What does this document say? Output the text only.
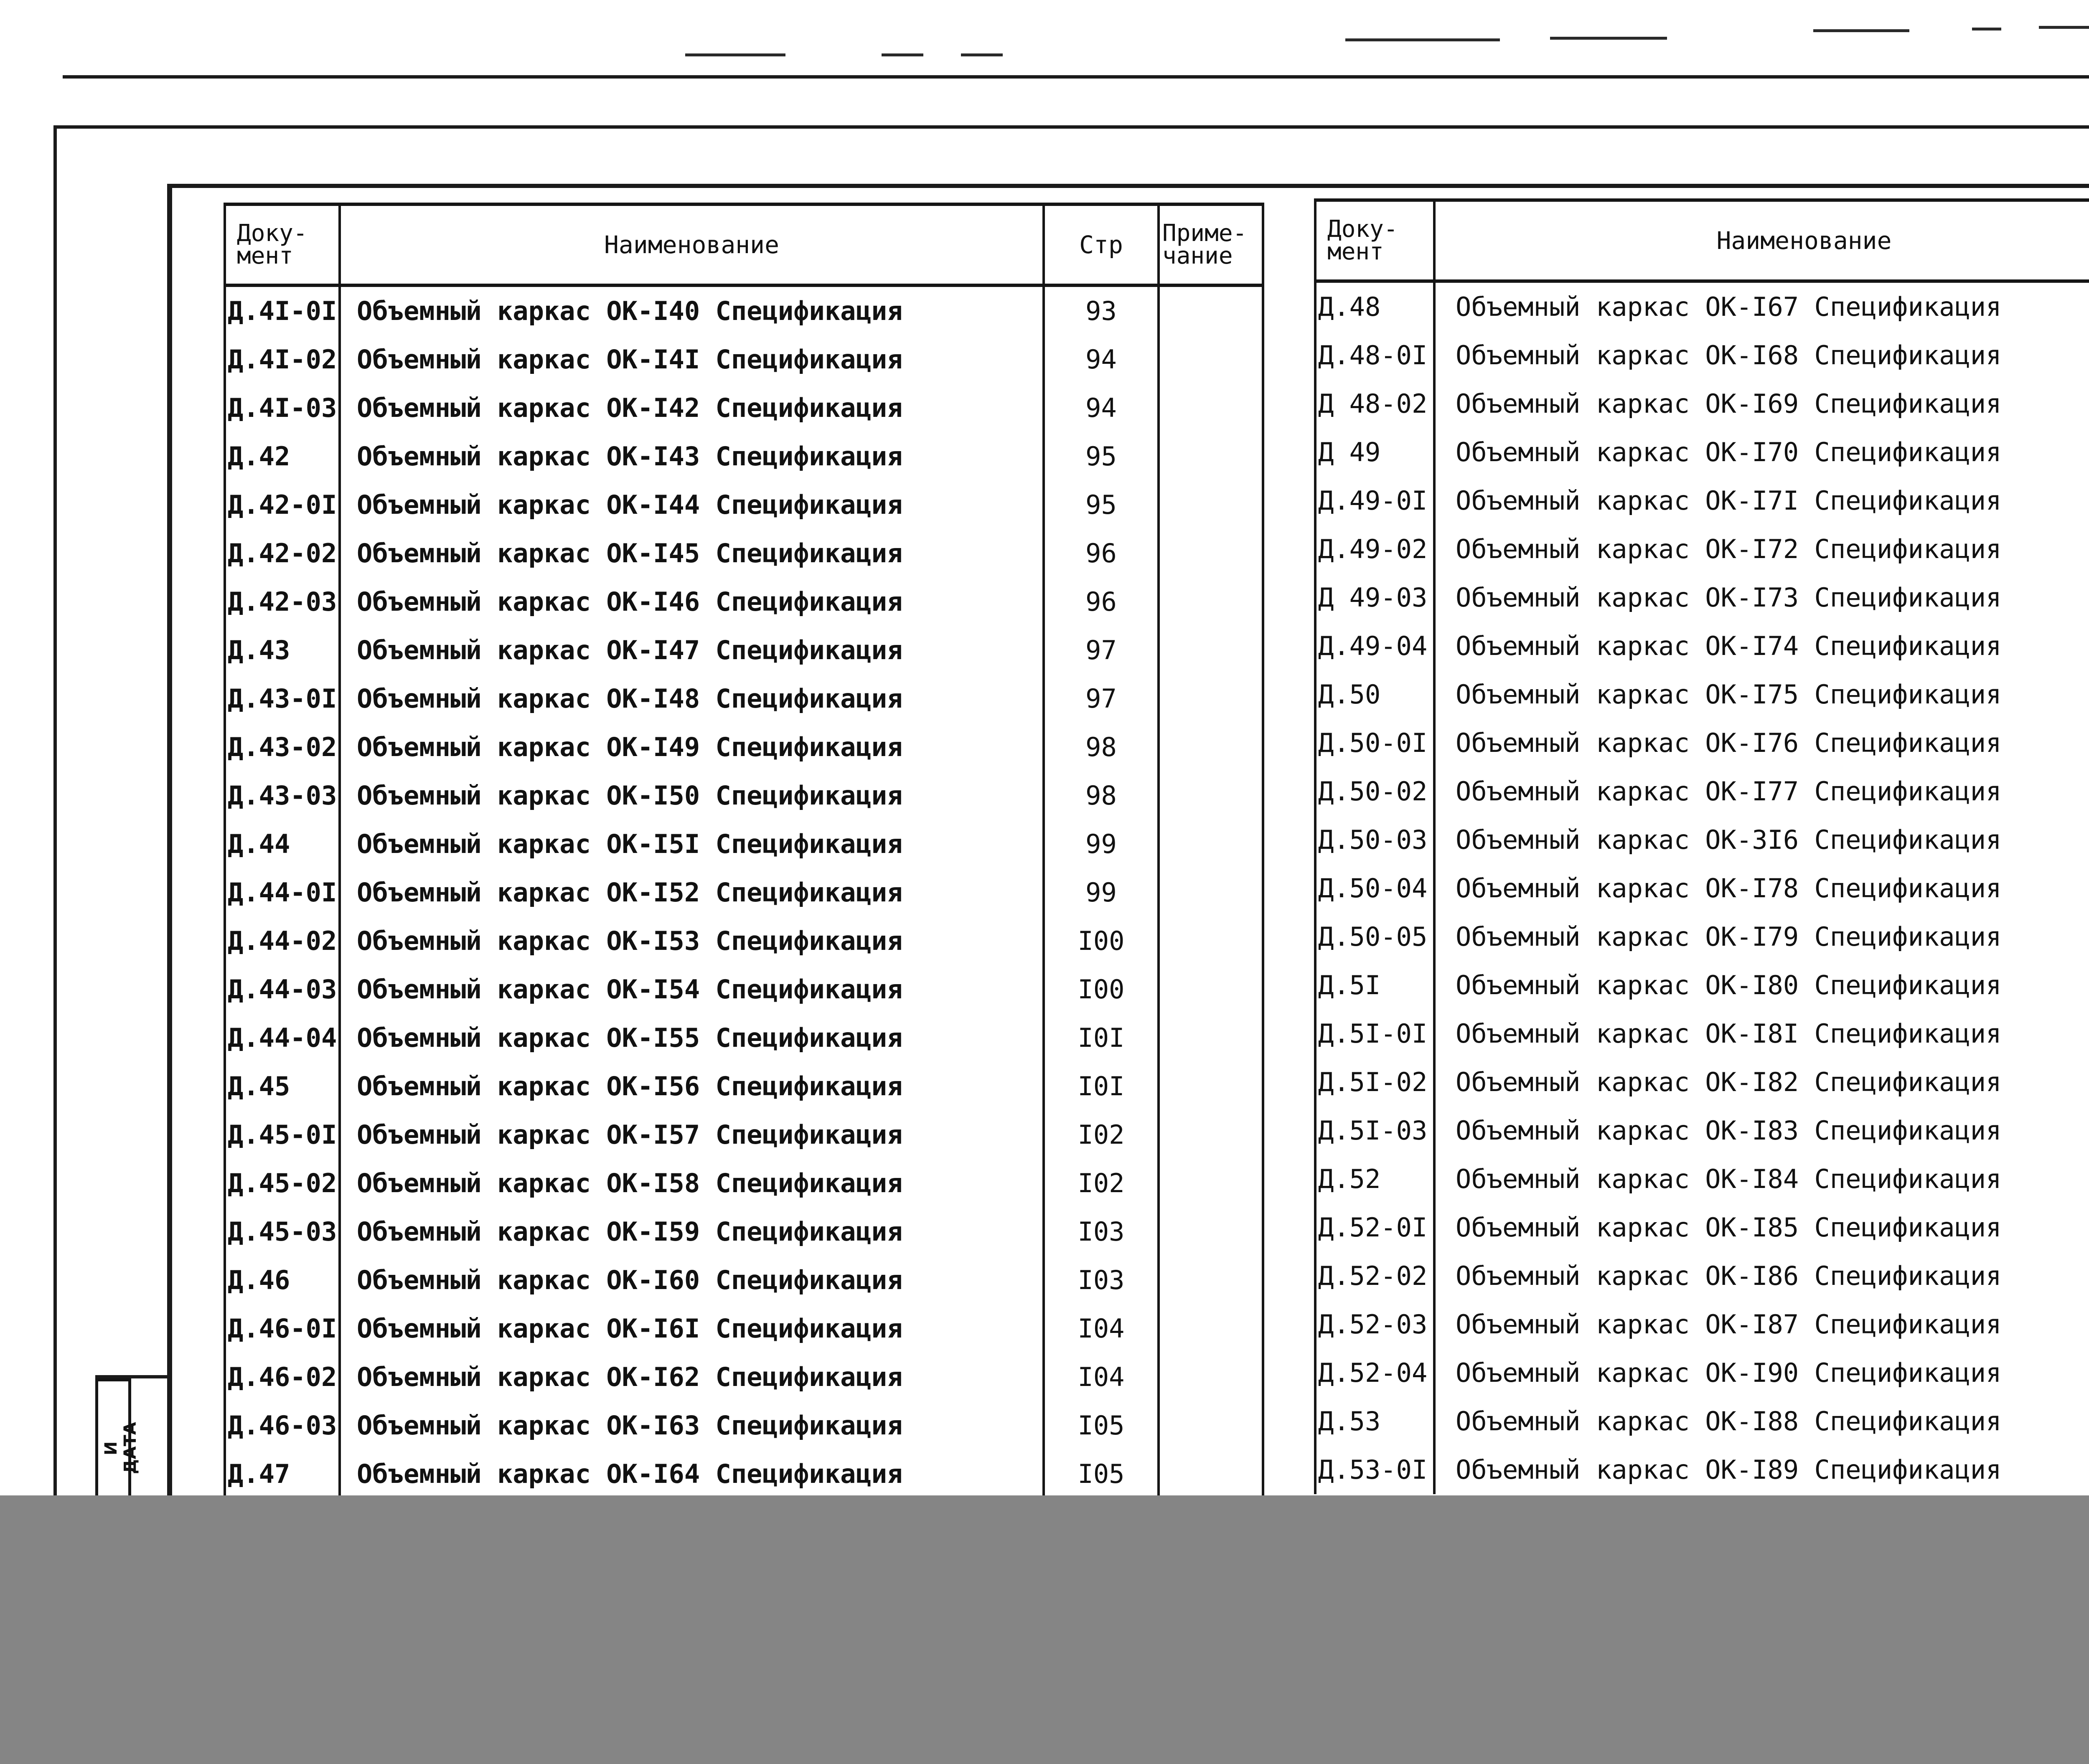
Доку-
мент	Наименование	Стр	Приме-
чание
Д.4I-0I	Объемный каркас ОК-I40 Спецификация	93	
Д.4I-02	Объемный каркас ОК-I4I Спецификация	94	
Д.4I-03	Объемный каркас ОК-I42 Спецификация	94	
Д.42	Объемный каркас ОК-I43 Спецификация	95	
Д.42-0I	Объемный каркас ОК-I44 Спецификация	95	
Д.42-02	Объемный каркас ОК-I45 Спецификация	96	
Д.42-03	Объемный каркас ОК-I46 Спецификация	96	
Д.43	Объемный каркас ОК-I47 Спецификация	97	
Д.43-0I	Объемный каркас ОК-I48 Спецификация	97	
Д.43-02	Объемный каркас ОК-I49 Спецификация	98	
Д.43-03	Объемный каркас ОК-I50 Спецификация	98	
Д.44	Объемный каркас ОК-I5I Спецификация	99	
Д.44-0I	Объемный каркас ОК-I52 Спецификация	99	
Д.44-02	Объемный каркас ОК-I53 Спецификация	I00	
Д.44-03	Объемный каркас ОК-I54 Спецификация	I00	
Д.44-04	Объемный каркас ОК-I55 Спецификация	I0I	
Д.45	Объемный каркас ОК-I56 Спецификация	I0I	
Д.45-0I	Объемный каркас ОК-I57 Спецификация	I02	
Д.45-02	Объемный каркас ОК-I58 Спецификация	I02	
Д.45-03	Объемный каркас ОК-I59 Спецификация	I03	
Д.46	Объемный каркас ОК-I60 Спецификация	I03	
Д.46-0I	Объемный каркас ОК-I6I Спецификация	I04	
Д.46-02	Объемный каркас ОК-I62 Спецификация	I04	
Д.46-03	Объемный каркас ОК-I63 Спецификация	I05	
Д.47	Объемный каркас ОК-I64 Спецификация	I05	
Доку-
мент	Наименование		
Д.48	Объемный каркас ОК-I67 Спецификация		
Д.48-0I	Объемный каркас ОК-I68 Спецификация		
Д 48-02	Объемный каркас ОК-I69 Спецификация		
Д 49	Объемный каркас ОК-I70 Спецификация		
Д.49-0I	Объемный каркас ОК-I7I Спецификация		
Д.49-02	Объемный каркас ОК-I72 Спецификация		
Д 49-03	Объемный каркас ОК-I73 Спецификация		
Д.49-04	Объемный каркас ОК-I74 Спецификация		
Д.50	Объемный каркас ОК-I75 Спецификация		
Д.50-0I	Объемный каркас ОК-I76 Спецификация		
Д.50-02	Объемный каркас ОК-I77 Спецификация		
Д.50-03	Объемный каркас ОК-3I6 Спецификация		
Д.50-04	Объемный каркас ОК-I78 Спецификация		
Д.50-05	Объемный каркас ОК-I79 Спецификация		
Д.5I	Объемный каркас ОК-I80 Спецификация		
Д.5I-0I	Объемный каркас ОК-I8I Спецификация		
Д.5I-02	Объемный каркас ОК-I82 Спецификация		
Д.5I-03	Объемный каркас ОК-I83 Спецификация		
Д.52	Объемный каркас ОК-I84 Спецификация		
Д.52-0I	Объемный каркас ОК-I85 Спецификация		
Д.52-02	Объемный каркас ОК-I86 Спецификация		
Д.52-03	Объемный каркас ОК-I87 Спецификация		
Д.52-04	Объемный каркас ОК-I90 Спецификация		
Д.53	Объемный каркас ОК-I88 Спецификация		
Д.53-0I	Объемный каркас ОК-I89 Спецификация		
И ДАТА
